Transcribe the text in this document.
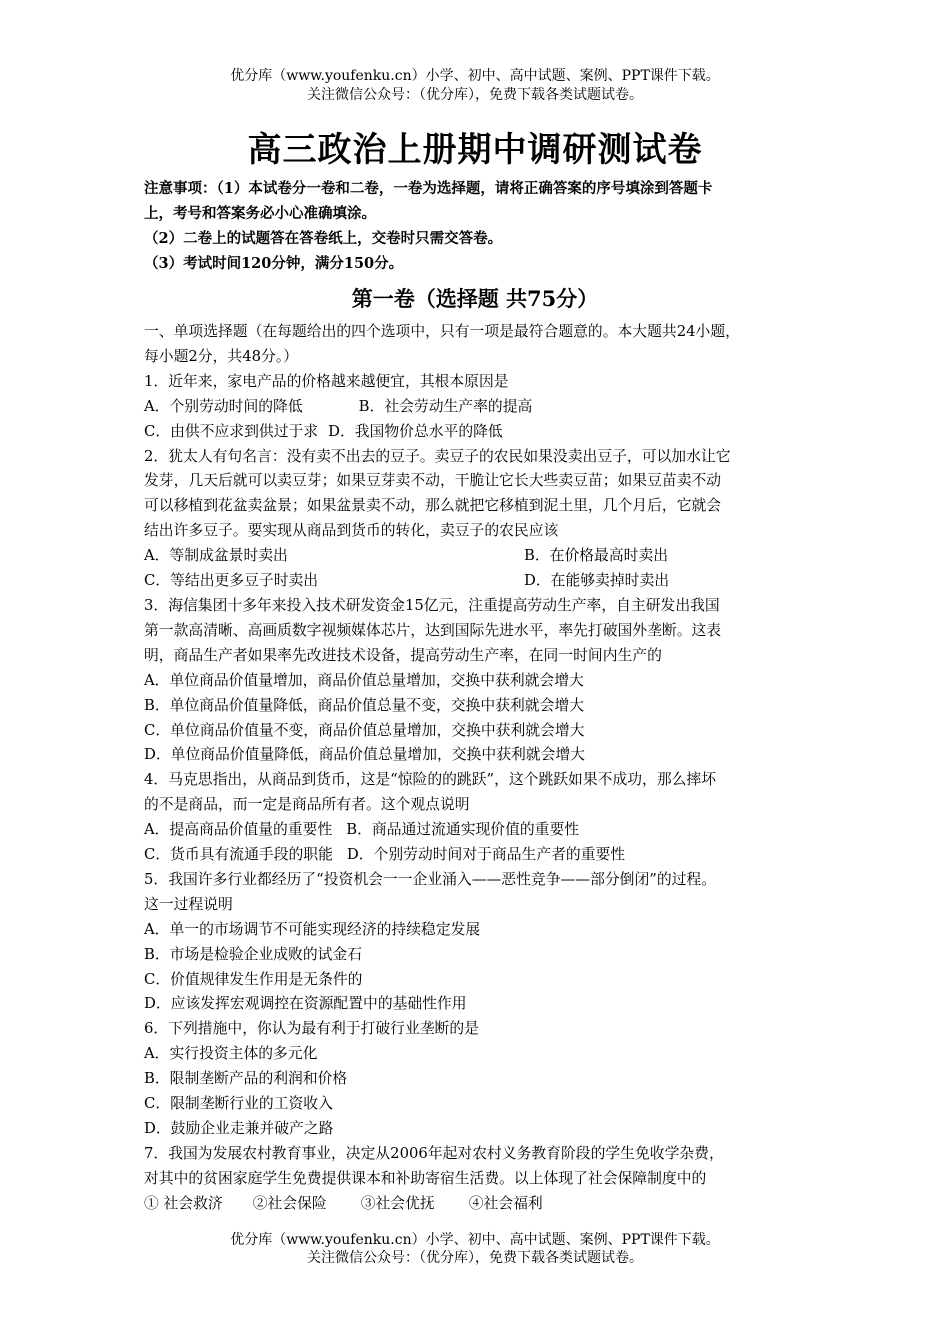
优分库（www.youfenku.cn）小学、初中、高中试题、案例、PPT课件下载。
关注微信公众号：（优分库），免费下载各类试题试卷。
高三政治上册期中调研测试卷
注意事项：（1）本试卷分一卷和二卷，一卷为选择题，请将正确答案的序号填涂到答题卡
上，考号和答案务必小心准确填涂。
（2）二卷上的试题答在答卷纸上，交卷时只需交答卷。
（3）考试时间120分钟，满分150分。
第一卷（选择题 共75分）

一、单项选择题（在每题给出的四个选项中，只有一项是最符合题意的。本大题共24小题，

每小题2分，共48分。）

1．近年来，家电产品的价格越来越便宜，其根本原因是

A．个别劳动时间的降低	B．社会劳动生产率的提高

C．由供不应求到供过于求 D．我国物价总水平的降低

2．犹太人有句名言：没有卖不出去的豆子。卖豆子的农民如果没卖出豆子，可以加水让它

发芽，几天后就可以卖豆芽；如果豆芽卖不动，干脆让它长大些卖豆苗；如果豆苗卖不动

可以移植到花盆卖盆景；如果盆景卖不动，那么就把它移植到泥土里，几个月后，它就会

结出许多豆子。要实现从商品到货币的转化，卖豆子的农民应该

A．等制成盆景时卖出	B．在价格最高时卖出
C．等结出更多豆子时卖出	D．在能够卖掉时卖出

3．海信集团十多年来投入技术研发资金15亿元，注重提高劳动生产率，自主研发出我国

第一款高清晰、高画质数字视频媒体芯片，达到国际先进水平，率先打破国外垄断。这表

明，商品生产者如果率先改进技术设备，提高劳动生产率，在同一时间内生产的

A．单位商品价值量增加，商品价值总量增加，交换中获利就会增大

B．单位商品价值量降低，商品价值总量不变，交换中获利就会增大

C．单位商品价值量不变，商品价值总量增加，交换中获利就会增大

D．单位商品价值量降低，商品价值总量增加，交换中获利就会增大

4．马克思指出，从商品到货币，这是“惊险的的跳跃”，这个跳跃如果不成功，那么摔坏

的不是商品，而一定是商品所有者。这个观点说明

A．提高商品价值量的重要性 B．商品通过流通实现价值的重要性

C．货币具有流通手段的职能 D．个别劳动时间对于商品生产者的重要性

5．我国许多行业都经历了“投资机会一一企业涌入——恶性竞争——部分倒闭”的过程。

这一过程说明

A．单一的市场调节不可能实现经济的持续稳定发展

B．市场是检验企业成败的试金石

C．价值规律发生作用是无条件的

D．应该发挥宏观调控在资源配置中的基础性作用

6．下列措施中，你认为最有利于打破行业垄断的是

A．实行投资主体的多元化

B．限制垄断产品的利润和价格

C．限制垄断行业的工资收入

D．鼓励企业走兼并破产之路

7．我国为发展农村教育事业，决定从2006年起对农村义务教育阶段的学生免收学杂费，

对其中的贫困家庭学生免费提供课本和补助寄宿生活费。以上体现了社会保障制度中的

① 社会救济 ②社会保险 ③社会优抚 ④社会福利

优分库（www.youfenku.cn）小学、初中、高中试题、案例、PPT课件下载。
关注微信公众号：（优分库），免费下载各类试题试卷。
